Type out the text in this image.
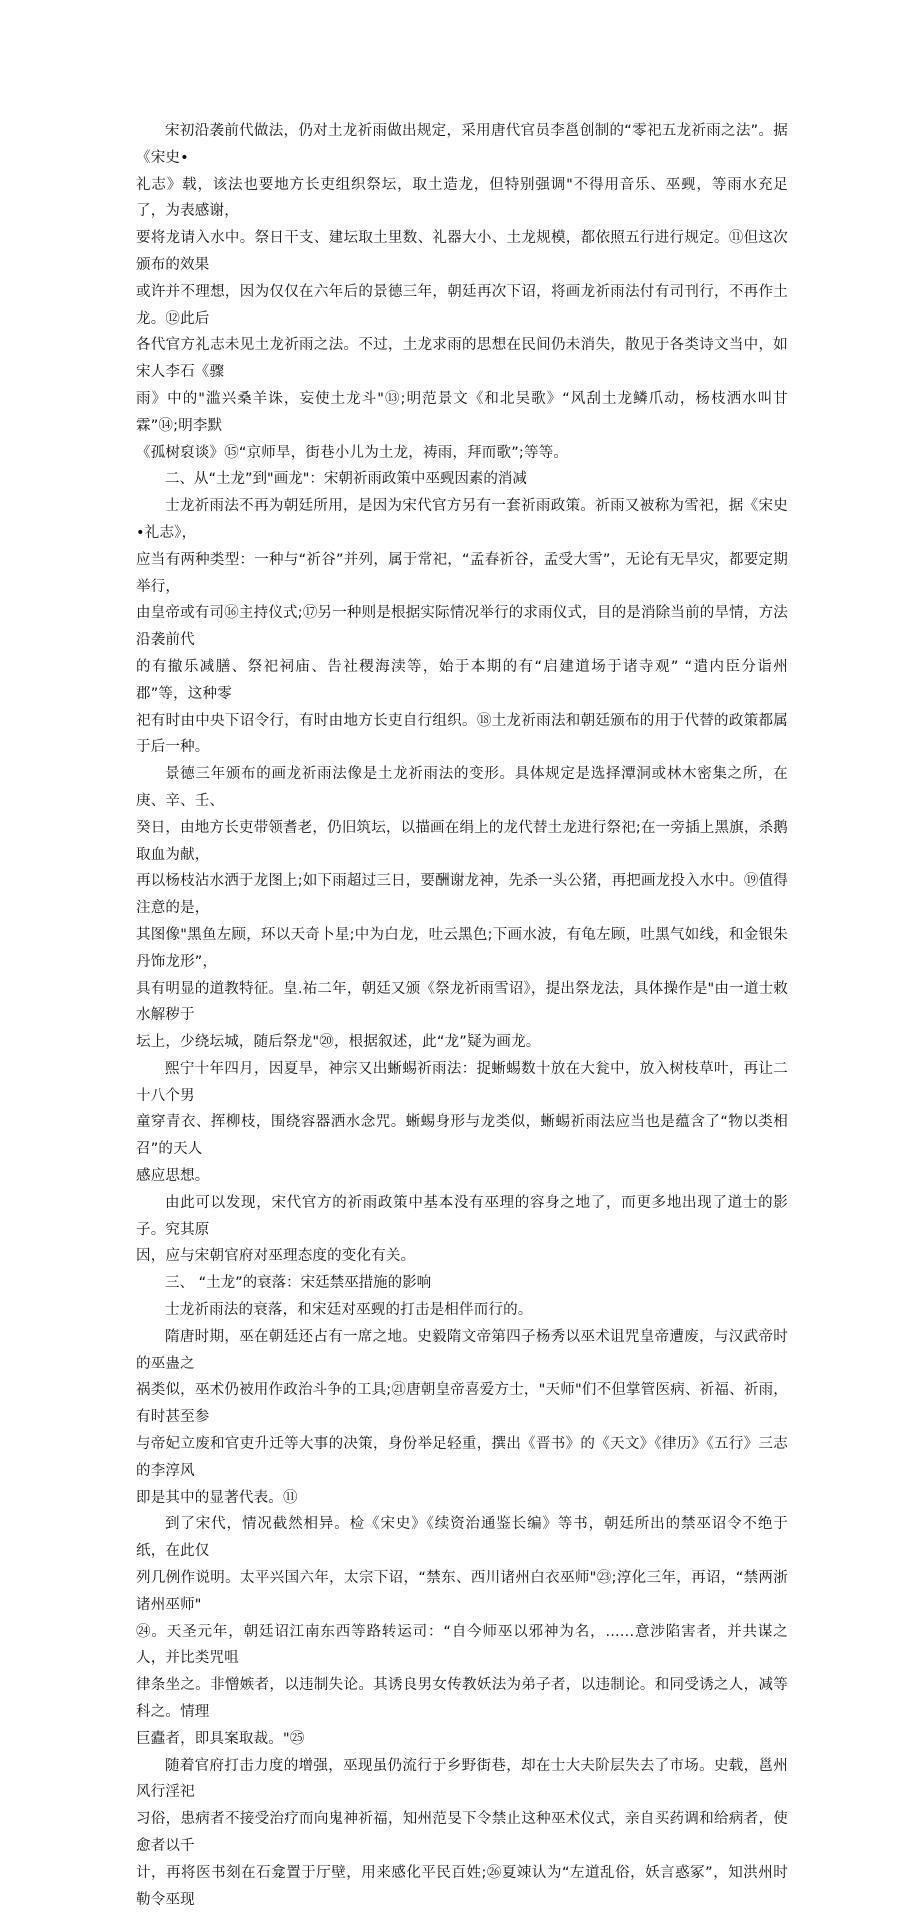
宋初沿袭前代做法，仍对土龙祈雨做出规定，采用唐代官员李邕创制的“零祀五龙祈雨之法”。据《宋史•
礼志》载，该法也要地方长吏组织祭坛，取土造龙，但特别强调"不得用音乐、巫觋，等雨水充足了，为表感谢，
要将龙请入水中。祭日干支、建坛取土里数、礼器大小、土龙规模，都依照五行进行规定。⑪但这次颁布的效果
或许并不理想，因为仅仅在六年后的景德三年，朝廷再次下诏，将画龙祈雨法付有司刊行，不再作土龙。⑫此后
各代官方礼志未见土龙祈雨之法。不过，土龙求雨的思想在民间仍未消失，散见于各类诗文当中，如宋人李石《骤
雨》中的"滥兴桑羊诛，妄使土龙斗"⑬;明范景文《和北吴歌》“风刮土龙鳞爪动，杨枝洒水叫甘霖”⑭;明李默
《孤树裒谈》⑮“京师旱，街巷小儿为土龙，祷雨，拜而歌”;等等。

二、从“土龙”到"画龙"：宋朝祈雨政策中巫觋因素的消减

士龙祈雨法不再为朝廷所用，是因为宋代官方另有一套祈雨政策。祈雨又被称为雪祀，据《宋史•礼志》，
应当有两种类型：一种与“祈谷”并列，属于常祀，“孟春祈谷，孟受大雪”，无论有无旱灾，都要定期举行，
由皇帝或有司⑯主持仪式;⑰另一种则是根据实际情况举行的求雨仪式，目的是消除当前的旱情，方法沿袭前代
的有撤乐减膳、祭祀祠庙、告社稷海渎等，始于本期的有“启建道场于诸寺观” “遣内臣分诣州郡”等，这种零
祀有时由中央下诏令行，有时由地方长吏自行组织。⑱土龙祈雨法和朝廷颁布的用于代替的政策都属于后一种。

景德三年颁布的画龙祈雨法像是土龙祈雨法的变形。具体规定是选择潭洞或林木密集之所，在庚、辛、壬、
癸日，由地方长吏带领耆老，仍旧筑坛，以描画在绢上的龙代替土龙进行祭祀;在一旁插上黑旗，杀鹅取血为献，
再以杨枝沾水洒于龙图上;如下雨超过三日，要酬谢龙神，先杀一头公猪，再把画龙投入水中。⑲值得注意的是，
其图像"黑鱼左顾，环以天奇卜星;中为白龙，吐云黑色;下画水波，有龟左顾，吐黑气如线，和金银朱丹饰龙形”，
具有明显的道教特征。皇.祐二年，朝廷又颁《祭龙祈雨雪诏》，提出祭龙法，具体操作是"由一道士敕水解秽于
坛上，少绕坛城，随后祭龙"⑳，根据叙述，此“龙”疑为画龙。

熙宁十年四月，因夏旱，神宗又出蜥蜴祈雨法：捉蜥蜴数十放在大瓮中，放入树枝草叶，再让二十八个男
童穿青衣、挥柳枝，围绕容器洒水念咒。蜥蜴身形与龙类似，蜥蜴祈雨法应当也是蕴含了“物以类相召”的天人
感应思想。

由此可以发现，宋代官方的祈雨政策中基本没有巫理的容身之地了，而更多地出现了道士的影子。究其原
因，应与宋朝官府对巫理态度的变化有关。

三、 “土龙”的衰落：宋廷禁巫措施的影响

士龙祈雨法的衰落，和宋廷对巫觋的打击是相伴而行的。

隋唐时期，巫在朝廷还占有一席之地。史毅隋文帝第四子杨秀以巫术诅咒皇帝遭废，与汉武帝时的巫蛊之
祸类似，巫术仍被用作政治斗争的工具;㉑唐朝皇帝喜爱方士，"天师"们不但掌管医病、祈福、祈雨，有时甚至参
与帝妃立废和官吏升迁等大事的决策，身份举足轻重，撰出《晋书》的《天文》《律历》《五行》三志的李淳风
即是其中的显著代表。⑪

到了宋代，情况截然相异。检《宋史》《续资治通鉴长编》等书，朝廷所出的禁巫诏令不绝于纸，在此仅
列几例作说明。太平兴国六年，太宗下诏，“禁东、西川诸州白衣巫师"㉓;淳化三年，再诏，“禁两浙诸州巫师"
㉔。天圣元年，朝廷诏江南东西等路转运司：“自今师巫以邪神为名，......意涉陷害者，并共谋之人，并比类咒咀
律条坐之。非憎嫉者，以违制失论。其诱良男女传教妖法为弟子者，以违制论。和同受诱之人，减等科之。情理
巨蠹者，即具案取裁。"㉕

随着官府打击力度的增强，巫现虽仍流行于乡野街巷，却在士大夫阶层失去了市场。史载，邕州风行淫祀
习俗，患病者不接受治疗而向鬼神祈福，知州范旻下令禁止这种巫术仪式，亲自买药调和给病者，使愈者以千
计，再将医书刻在石龛置于厅壁，用来感化平民百姓;㉖夏竦认为“左道乱俗，妖言惑冢”，知洪州时勒令巫现
